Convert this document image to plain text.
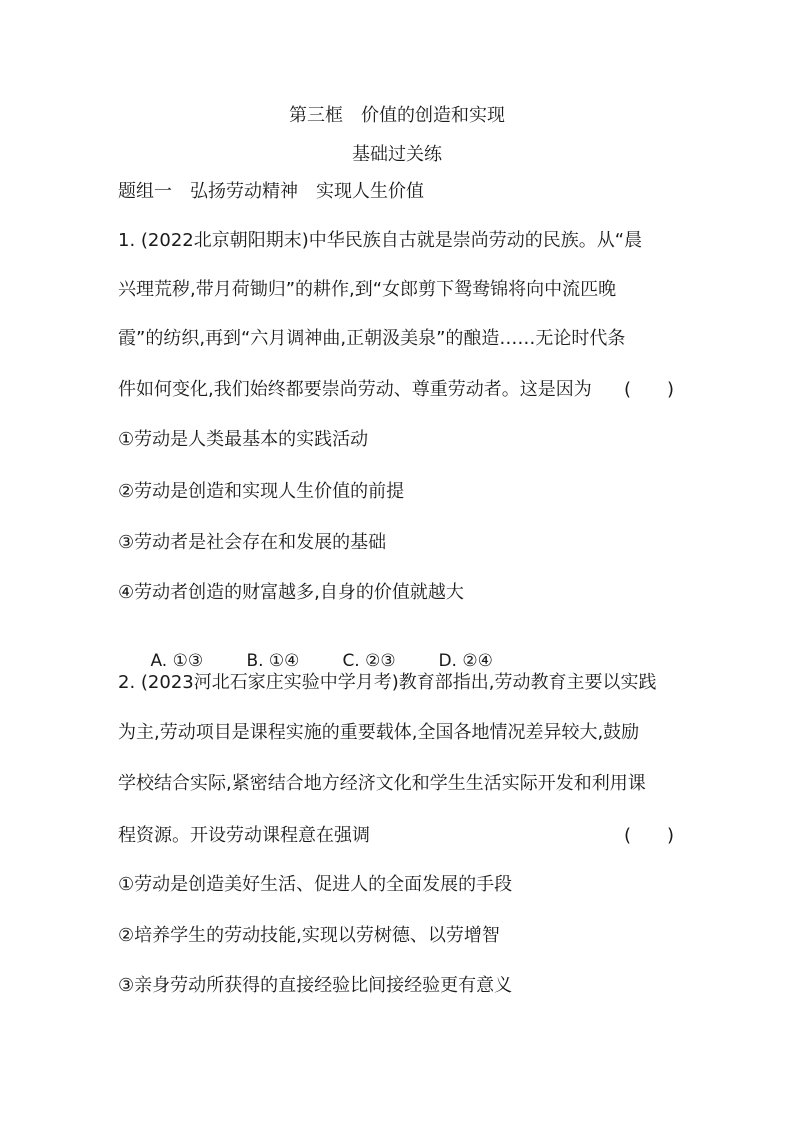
第三框　价值的创造和实现
基础过关练
题组一　弘扬劳动精神　实现人生价值
1. (2022北京朝阳期末)中华民族自古就是崇尚劳动的民族。从“晨
兴理荒秽,带月荷锄归”的耕作,到“女郎剪下鸳鸯锦将向中流匹晚
霞”的纺织,再到“六月调神曲,正朝汲美泉”的酿造……无论时代条
件如何变化,我们始终都要崇尚劳动、尊重劳动者。这是因为 ( )
①劳动是人类最基本的实践活动
②劳动是创造和实现人生价值的前提
③劳动者是社会存在和发展的基础
④劳动者创造的财富越多,自身的价值就越大

A. ①③	B. ①④	C. ②③	D. ②④

2. (2023河北石家庄实验中学月考)教育部指出,劳动教育主要以实践
为主,劳动项目是课程实施的重要载体,全国各地情况差异较大,鼓励
学校结合实际,紧密结合地方经济文化和学生生活实际开发和利用课
程资源。开设劳动课程意在强调	( )
①劳动是创造美好生活、促进人的全面发展的手段
②培养学生的劳动技能,实现以劳树德、以劳增智
③亲身劳动所获得的直接经验比间接经验更有意义
